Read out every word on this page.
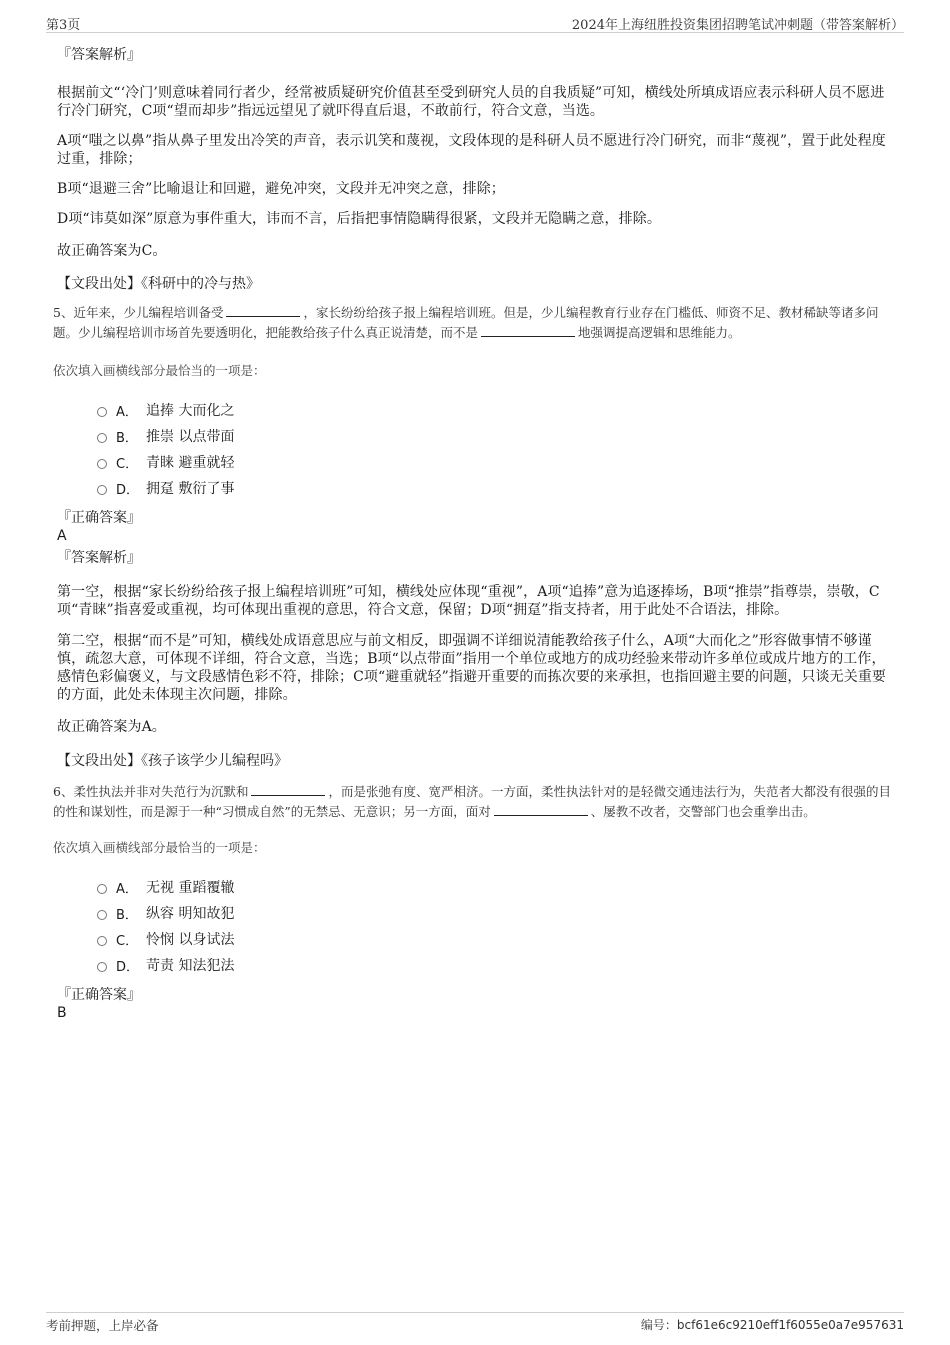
第3页	2024年上海纽胜投资集团招聘笔试冲刺题（带答案解析）

『答案解析』

根据前文“‘冷门’则意味着同行者少，经常被质疑研究价值甚至受到研究人员的自我质疑”可知，横线处所填成语应表示科研人员不愿进行冷门研究，C项“望而却步”指远远望见了就吓得直后退，不敢前行，符合文意，当选。

A项“嗤之以鼻”指从鼻子里发出冷笑的声音，表示讥笑和蔑视，文段体现的是科研人员不愿进行冷门研究，而非“蔑视”，置于此处程度过重，排除；

B项“退避三舍”比喻退让和回避，避免冲突，文段并无冲突之意，排除；

D项“讳莫如深”原意为事件重大，讳而不言，后指把事情隐瞒得很紧，文段并无隐瞒之意，排除。

故正确答案为C。

【文段出处】《科研中的冷与热》

5、近年来，少儿编程培训备受	，家长纷纷给孩子报上编程培训班。但是，少儿编程教育行业存在门槛低、师资不足、教材稀缺等诸多问题。少儿编程培训市场首先要透明化，把能教给孩子什么真正说清楚，而不是	地强调提高逻辑和思维能力。

依次填入画横线部分最恰当的一项是：

A． 追捧 大而化之
B． 推崇 以点带面
C． 青睐 避重就轻
D． 拥趸 敷衍了事

『正确答案』

A

『答案解析』

第一空，根据“家长纷纷给孩子报上编程培训班”可知，横线处应体现“重视”，A项“追捧”意为追逐捧场，B项“推崇”指尊崇，崇敬，C项“青睐”指喜爱或重视，均可体现出重视的意思，符合文意，保留；D项“拥趸”指支持者，用于此处不合语法，排除。

第二空，根据“而不是”可知，横线处成语意思应与前文相反，即强调不详细说清能教给孩子什么，A项“大而化之”形容做事情不够谨慎，疏忽大意，可体现不详细，符合文意，当选；B项“以点带面”指用一个单位或地方的成功经验来带动许多单位或成片地方的工作，感情色彩偏褒义，与文段感情色彩不符，排除；C项“避重就轻”指避开重要的而拣次要的来承担，也指回避主要的问题，只谈无关重要的方面，此处未体现主次问题，排除。

故正确答案为A。

【文段出处】《孩子该学少儿编程吗》

6、柔性执法并非对失范行为沉默和	，而是张弛有度、宽严相济。一方面，柔性执法针对的是轻微交通违法行为，失范者大都没有很强的目的性和谋划性，而是源于一种“习惯成自然”的无禁忌、无意识；另一方面，面对	、屡教不改者，交警部门也会重拳出击。

依次填入画横线部分最恰当的一项是：

A． 无视 重蹈覆辙
B． 纵容 明知故犯
C． 怜悯 以身试法
D． 苛责 知法犯法

『正确答案』

B

考前押题，上岸必备	编号：bcf61e6c9210eff1f6055e0a7e957631
